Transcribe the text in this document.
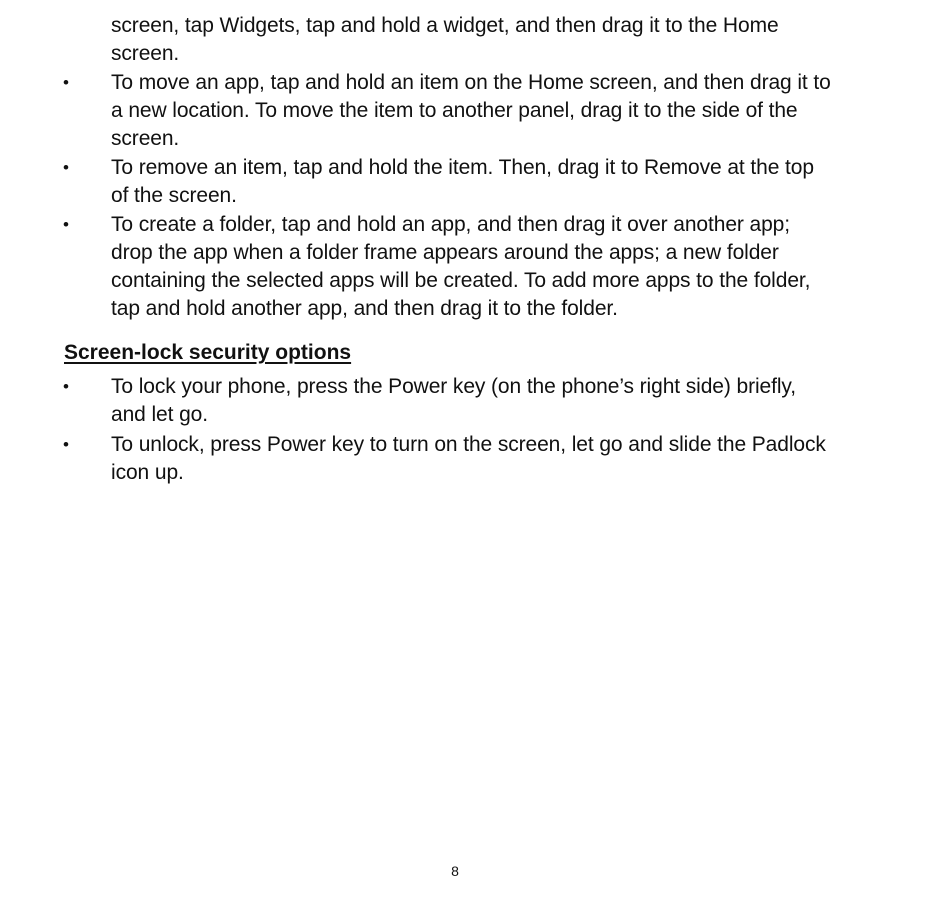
screen, tap Widgets, tap and hold a widget, and then drag it to the Home
screen.
• To move an app, tap and hold an item on the Home screen, and then drag it to
a new location. To move the item to another panel, drag it to the side of the
screen.
• To remove an item, tap and hold the item. Then, drag it to Remove at the top
of the screen.
• To create a folder, tap and hold an app, and then drag it over another app;
drop the app when a folder frame appears around the apps; a new folder
containing the selected apps will be created. To add more apps to the folder,
tap and hold another app, and then drag it to the folder.
Screen-lock security options
• To lock your phone, press the Power key (on the phone’s right side) briefly,
and let go.
• To unlock, press Power key to turn on the screen, let go and slide the Padlock
icon up.
8
